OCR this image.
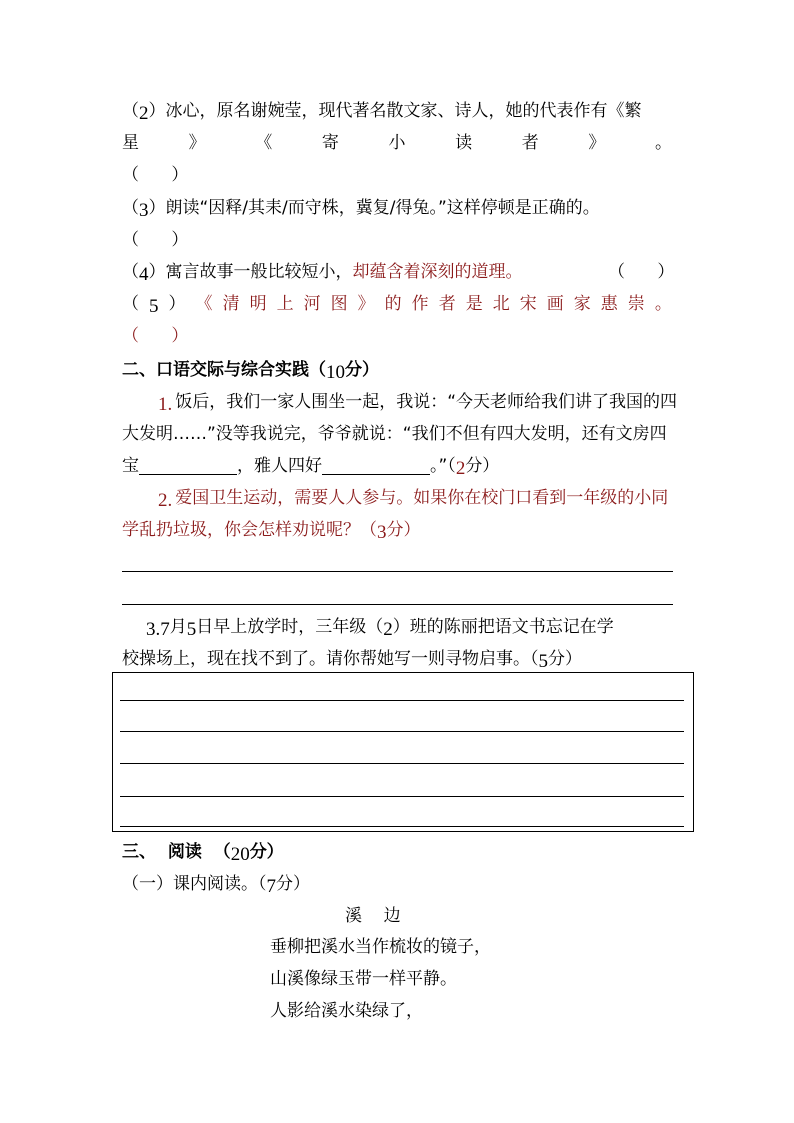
（2）冰心，原名谢婉莹，现代著名散文家、诗人，她的代表作有《繁
星	》	《	寄	小	读	者	》	。
（      ）
（3）朗读“因释/其耒/而守株，冀复/得兔。”这样停顿是正确的。
（      ）
（4）寓言故事一般比较短小，却蕴含着深刻的道理。	（      ）
（ 5 ） 《 清 明 上 河 图 》 的 作 者 是 北 宋 画 家 惠 崇 。
（      ）
二、口语交际与综合实践（10分）
1. 饭后，我们一家人围坐一起，我说：“今天老师给我们讲了我国的四
大发明……”没等我说完，爷爷就说：“我们不但有四大发明，还有文房四
宝	，雅人四好	。”（2分）
2. 爱国卫生运动，需要人人参与。如果你在校门口看到一年级的小同
学乱扔垃圾，你会怎样劝说呢？（3分）
3.7月5日早上放学时，三年级（2）班的陈丽把语文书忘记在学
校操场上，现在找不到了。请你帮她写一则寻物启事。（5分）
三、  阅读  （20分）
（一）课内阅读。（7分）
溪    边
垂柳把溪水当作梳妆的镜子，
山溪像绿玉带一样平静。
人影给溪水染绿了，
